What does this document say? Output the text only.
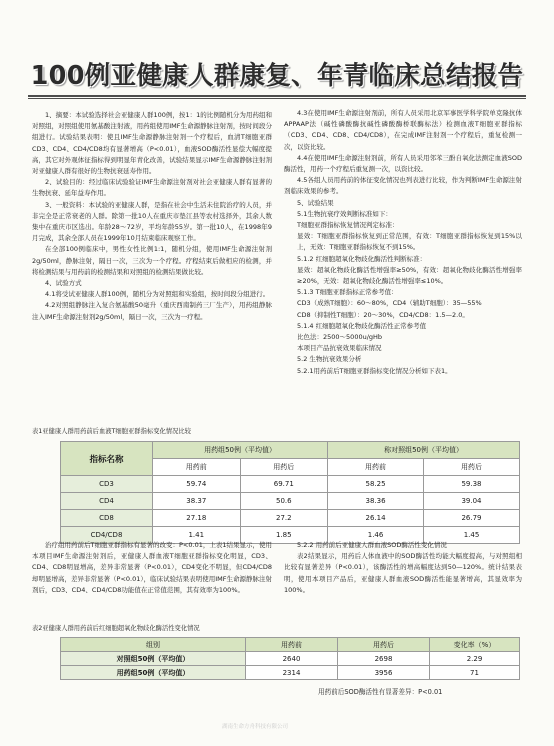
100例亚健康人群康复、年青临床总结报告

1、摘要：本试验选择社会亚健康人群100例，按1：1的比例随机分为用药组和对照组，对照组使用氨基酸注射液，用药组使用IMF生命源静脉注射剂，按时间段分组进行。试验结果表明：使且IMF生命源静脉注射剂一个疗程后，血清T细胞亚群CD3、CD4、CD4/CD8均有显著增高（P<0.01），血液SOD酶活性显偿大幅度提高，其它对外观体征指标得到明显年青化改善，试验结果显示IMF生命源静脉注射剂对亚健康人群有很好的生物抗衰延寿作用。

2、试验目的：经过临床试验验证IMF生命源注射剂对社会亚健康人群有显著的生物抗衰、延年益寿作用。

3、一般资料：本试验的亚健康人群，是指在社会中生活未住院治疗的人员，并非完全是正常衰老的人群。除第一批10人在重庆市垫江县等农村选择外，其余人数集中在重庆市区选出。年龄28～72岁，平均年龄55岁。第一批10人，在1998年9月完成，其余全部人员在1999年10月结束临床观察工作。

在全部100例临床中，男性女性比例1:1，随机分组，使用IMF生命源注射剂2g/50ml，静脉注射，隔日一次，三次为一个疗程。疗程结束后做相应的检测，并将检测结果与用药前的检测结果和对照组的检测结果做比较。

4、试验方式

4.1将受试亚健康人群100例，随机分为对照组和实验组，按时间段分组进行。

4.2对照组静脉注入复合氨基酸50毫升（重庆西南制药三厂生产），用药组静脉注入IMF生命源注射剂2g/50ml，隔日一次，三次为一疗程。

4.3在使用IMF生命源注射剂前，所有人员采用北京军事医学科学院单克隆抗体APPAAP法（碱性磷酸酶抗碱性磷酸酶桥联酶标法）检测血液T细胞亚群指标（CD3、CD4、CD8、CD4/CD8），在完成IMF注射剂一个疗程后，重复检测一次，以资比较。

4.4在使用IMF生命源注射剂前，所有人员采用邻苯三酚自氧化法测定血液SOD酶活性，用药一个疗程后重复测一次，以资比较。

4.5各组人员用药前的体征变化情况也列表进行比较，作为判断IMF生命源注射剂临床效果的参考。

5、试验结果

5.1生物抗衰疗效判断标准如下：

T细胞亚群指标恢复情况判定标准：

显效：T细胞亚群指标恢复到正常范围，有效：T细胞亚群指标恢复到15%以上，无效：T细胞亚群指标恢复不到15%。

5.1.2 红细胞超氧化物歧化酶活性判断标准：

显效：超氧化物歧化酶活性增强率≥50%，有效：超氧化物歧化酶活性增强率≥20%，无效：超氧化物歧化酶活性增强率≤10%。

5.1.3 T细胞亚群指标正常参考值：

CD3（成熟T细胞）：60～80%，CD4（辅助T细胞）：35—55%

CD8（抑制性T细胞）：20～30%，CD4/CD8：1.5—2.0。

5.1.4 红细胞超氧化物歧化酶活性正常参考值

比色法：2500～5000u/gHb

本项目产品抗衰效果临床情况

5.2 生物抗衰效果分析

5.2.1用药前后T细胞亚群指标变化情况分析如下表1。

表1亚健康人群用药前后血液T细胞亚群指标变化情况比较
指标名称	用药组50例（平均值）		称对照组50例（平均值）	
	用药前	用药后	用药前	用药后
CD3	59.74	69.71	58.25	59.38
CD4	38.37	50.6	38.36	39.04
CD8	27.18	27.2	26.14	26.79
CD4/CD8	1.41	1.85	1.46	1.45

治疗组用药前后T细胞亚群指标有显著的改变：P<0.01，上表1结果显示，使用本项目IMF生命源注射剂后，亚健康人群血液T细胞亚群指标变化明显，CD3、CD4、CD8明显增高，差异非常显著（P<0.01），CD4变化不明显，但CD4/CD8却明显增高，差异非常显著（P<0.01），临床试验结果表明使用IMF生命源静脉注射剂后，CD3、CD4、CD4/CD8功能值在正常值范围，其有效率为100%。

5.2.2 用药前后亚健康人群血液SOD酶活性变化情况

表2结果显示，用药后人体血液中的SOD酶活性均能大幅度提高，与对照组相比较有显著差异（P<0.01），该酶活性的增高幅度达到50—120%。统计结果表明，使用本项目产品后，亚健康人群血液SOD酶活性能显著增高，其显效率为100%。

表2亚健康人群用药前后红细胞超氧化物歧化酶活性变化情况
组别	用药前	用药后	变化率（%）
对照组50例（平均值）	2640	2698	2.29
用药组50例（平均值）	2314	3956	71
用药前后SOD酶活性有显著差异：P<0.01
湖南生命方舟科技有限公司
